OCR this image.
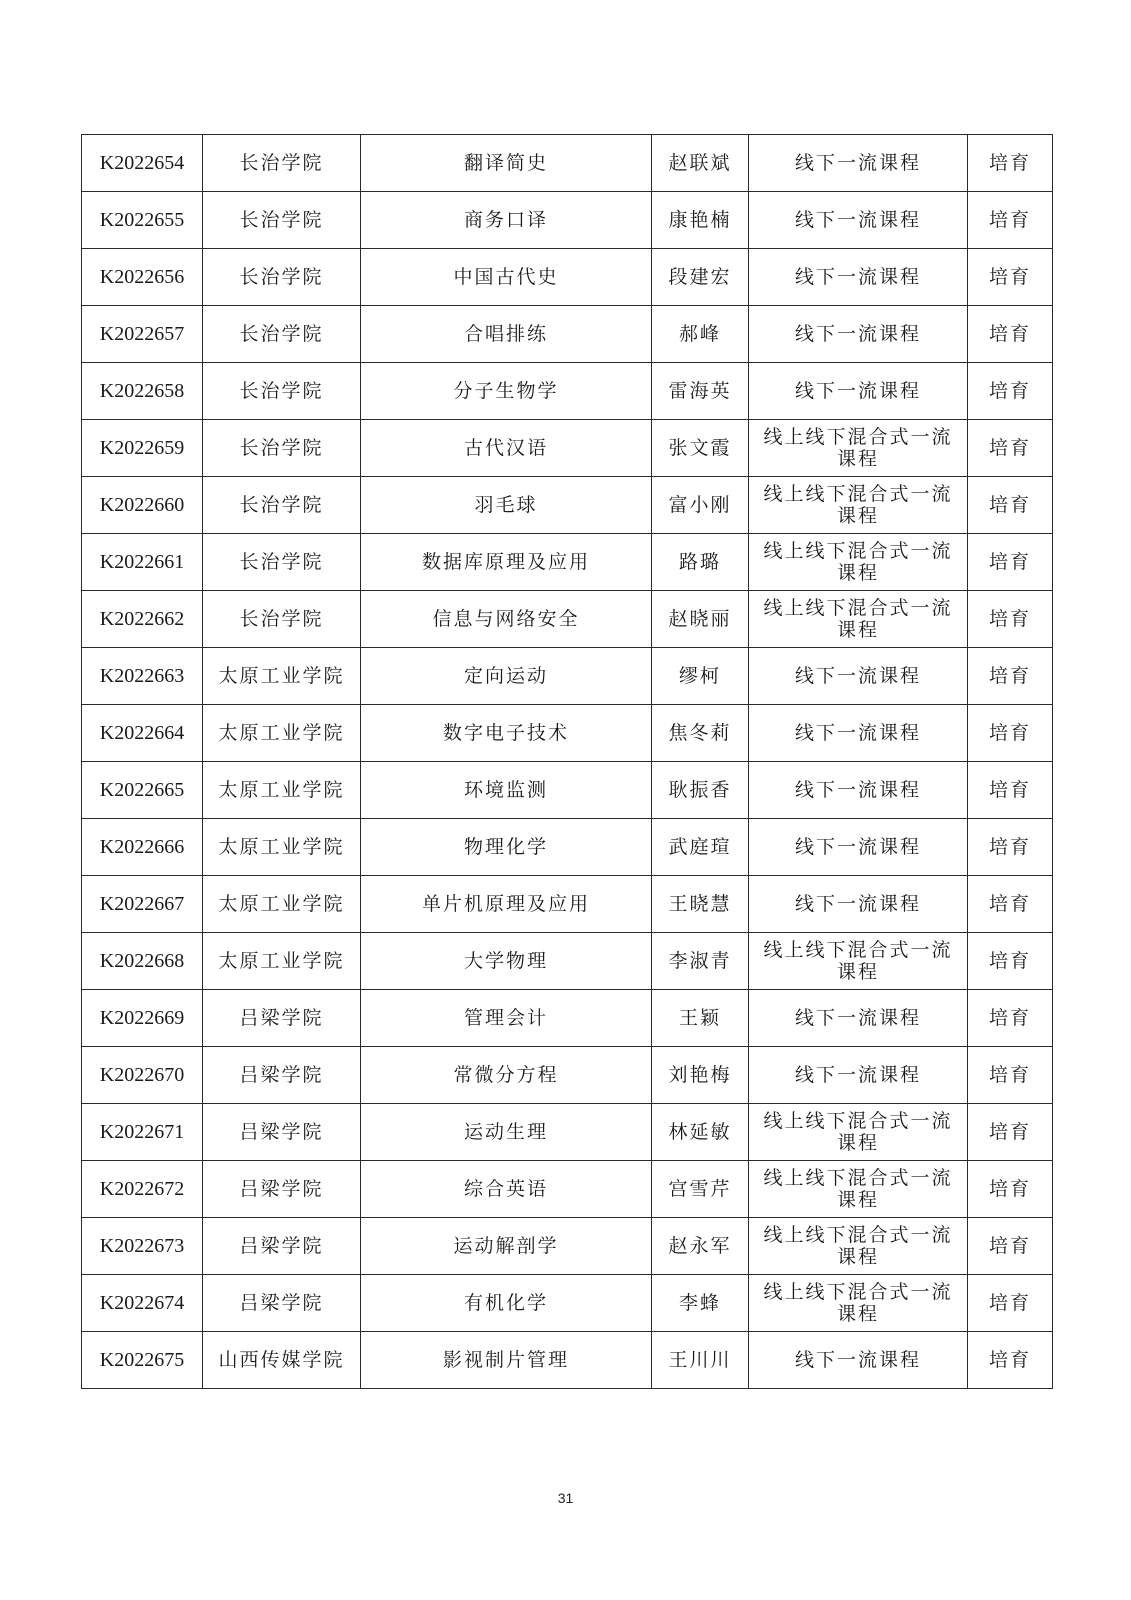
K2022654	长治学院	翻译简史	赵联斌	线下一流课程	培育
K2022655	长治学院	商务口译	康艳楠	线下一流课程	培育
K2022656	长治学院	中国古代史	段建宏	线下一流课程	培育
K2022657	长治学院	合唱排练	郝峰	线下一流课程	培育
K2022658	长治学院	分子生物学	雷海英	线下一流课程	培育
K2022659	长治学院	古代汉语	张文霞	线上线下混合式一流课程	培育
K2022660	长治学院	羽毛球	富小刚	线上线下混合式一流课程	培育
K2022661	长治学院	数据库原理及应用	路璐	线上线下混合式一流课程	培育
K2022662	长治学院	信息与网络安全	赵晓丽	线上线下混合式一流课程	培育
K2022663	太原工业学院	定向运动	缪柯	线下一流课程	培育
K2022664	太原工业学院	数字电子技术	焦冬莉	线下一流课程	培育
K2022665	太原工业学院	环境监测	耿振香	线下一流课程	培育
K2022666	太原工业学院	物理化学	武庭瑄	线下一流课程	培育
K2022667	太原工业学院	单片机原理及应用	王晓慧	线下一流课程	培育
K2022668	太原工业学院	大学物理	李淑青	线上线下混合式一流课程	培育
K2022669	吕梁学院	管理会计	王颖	线下一流课程	培育
K2022670	吕梁学院	常微分方程	刘艳梅	线下一流课程	培育
K2022671	吕梁学院	运动生理	林延敏	线上线下混合式一流课程	培育
K2022672	吕梁学院	综合英语	宫雪芹	线上线下混合式一流课程	培育
K2022673	吕梁学院	运动解剖学	赵永军	线上线下混合式一流课程	培育
K2022674	吕梁学院	有机化学	李蜂	线上线下混合式一流课程	培育
K2022675	山西传媒学院	影视制片管理	王川川	线下一流课程	培育
31
